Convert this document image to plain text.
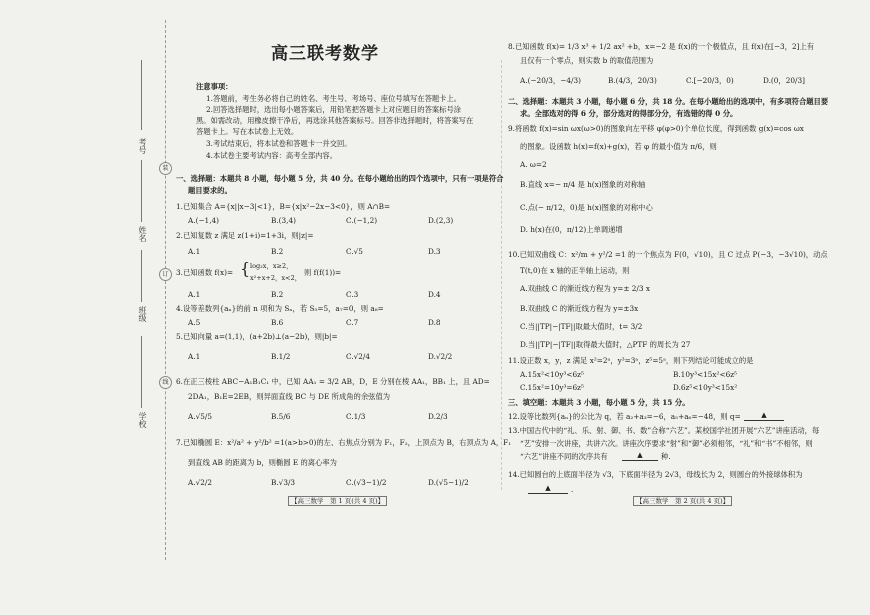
考号
姓名
班级
学校
装
订
线
高三联考数学
注意事项：
1.答题前，考生务必将自己的姓名、考生号、考场号、座位号填写在答题卡上。
2.回答选择题时，选出每小题答案后，用铅笔把答题卡上对应题目的答案标号涂
黑。如需改动，用橡皮擦干净后，再选涂其他答案标号。回答非选择题时，将答案写在
答题卡上。写在本试卷上无效。
3.考试结束后，将本试卷和答题卡一并交回。
4.本试卷主要考试内容：高考全部内容。
一、选择题：本题共 8 小题，每小题 5 分，共 40 分。在每小题给出的四个选项中，只有一项是符合
题目要求的。
1.已知集合 A={x||x−3|<1}，B={x|x²−2x−3<0}，则 A∩B=
A.(−1,4)	B.(3,4)	C.(−1,2)	D.(2,3)
2.已知复数 z 满足 z(1+i)=1+3i，则|z|=
A.1	B.2	C.√5	D.3
3.已知函数 f(x)= { log₂x，x≥2，
x²+x+2，x<2，
则 f(f(1))=
A.1	B.2	C.3	D.4
4.设等差数列{aₙ}的前 n 项和为 Sₙ，若 S₅=5，a₇=0，则 a₈=
A.5	B.6	C.7	D.8
5.已知向量 a=(1,1)，(a+2b)⊥(a−2b)，则|b|=
A.1	B.1/2	C.√2/4	D.√2/2
6.在正三棱柱 ABC−A₁B₁C₁ 中，已知 AA₁ = 3/2 AB，D，E 分别在棱 AA₁，BB₁ 上，且 AD=
2DA₁，B₁E=2EB，则异面直线 BC 与 DE 所成角的余弦值为
A.√5/5	B.5/6	C.1/3	D.2/3
7.已知椭圆 E：x²/a² + y²/b² =1(a>b>0)的左、右焦点分别为 F₁，F₂，上顶点为 B，右顶点为 A，F₁
到直线 AB 的距离为 b，则椭圆 E 的离心率为
A.√2/2	B.√3/3	C.(√3−1)/2	D.(√5−1)/2
【高三数学　第 1 页(共 4 页)】
8.已知函数 f(x)= 1/3 x³ + 1/2 ax² +b，x=−2 是 f(x)的一个极值点，且 f(x)在[−3，2]上有
且仅有一个零点，则实数 b 的取值范围为
A.(−20/3，−4/3)	B.(4/3，20/3)	C.[−20/3，0)	D.(0，20/3]
二、选择题：本题共 3 小题，每小题 6 分，共 18 分。在每小题给出的选项中，有多项符合题目要
求。全部选对的得 6 分，部分选对的得部分分，有选错的得 0 分。
9.将函数 f(x)=sin ωx(ω>0)的图象向左平移 φ(φ>0)个单位长度，得到函数 g(x)=cos ωx
的图象。设函数 h(x)=f(x)+g(x)，若 φ 的最小值为 π/6，则
A. ω=2
B.直线 x=− π/4 是 h(x)图象的对称轴
C.点(− π/12，0)是 h(x)图象的对称中心
D. h(x)在(0，π/12)上单调递增
10.已知双曲线 C：x²/m + y²/2 =1 的一个焦点为 F(0，√10)，且 C 过点 P(−3，−3√10)，动点
T(t,0)在 x 轴的正半轴上运动，则
A.双曲线 C 的渐近线方程为 y=± 2/3 x
B.双曲线 C 的渐近线方程为 y=±3x
C.当||TP|−|TF||取最大值时，t= 3/2
D.当||TP|−|TF||取得最大值时，△PTF 的周长为 27
11.设正数 x，y，z 满足 x²=2ᵃ，y³=3ᵃ，z⁵=5ᵃ，则下列结论可能成立的是
A.15x²<10y³<6z⁵	B.10y³<15x²<6z⁵
C.15x²=10y³=6z⁵	D.6z⁵<10y³<15x²
三、填空题：本题共 3 小题，每小题 5 分，共 15 分。
12.设等比数列{aₙ}的公比为 q，若 a₂+a₃=−6，a₅+a₆=−48，则 q=	▲
13.中国古代中的“礼、乐、射、御、书、数”合称“六艺”。某校国学社团开展“六艺”讲座活动，每
“艺”安排一次讲座，共讲六次。讲座次序要求“射”和“御”必须相邻，“礼”和“书”不相邻，则
“六艺”讲座不同的次序共有	▲	种.
14.已知圆台的上底面半径为 √3，下底面半径为 2√3，母线长为 2，则圆台的外接球体积为
▲	.
【高三数学　第 2 页(共 4 页)】
